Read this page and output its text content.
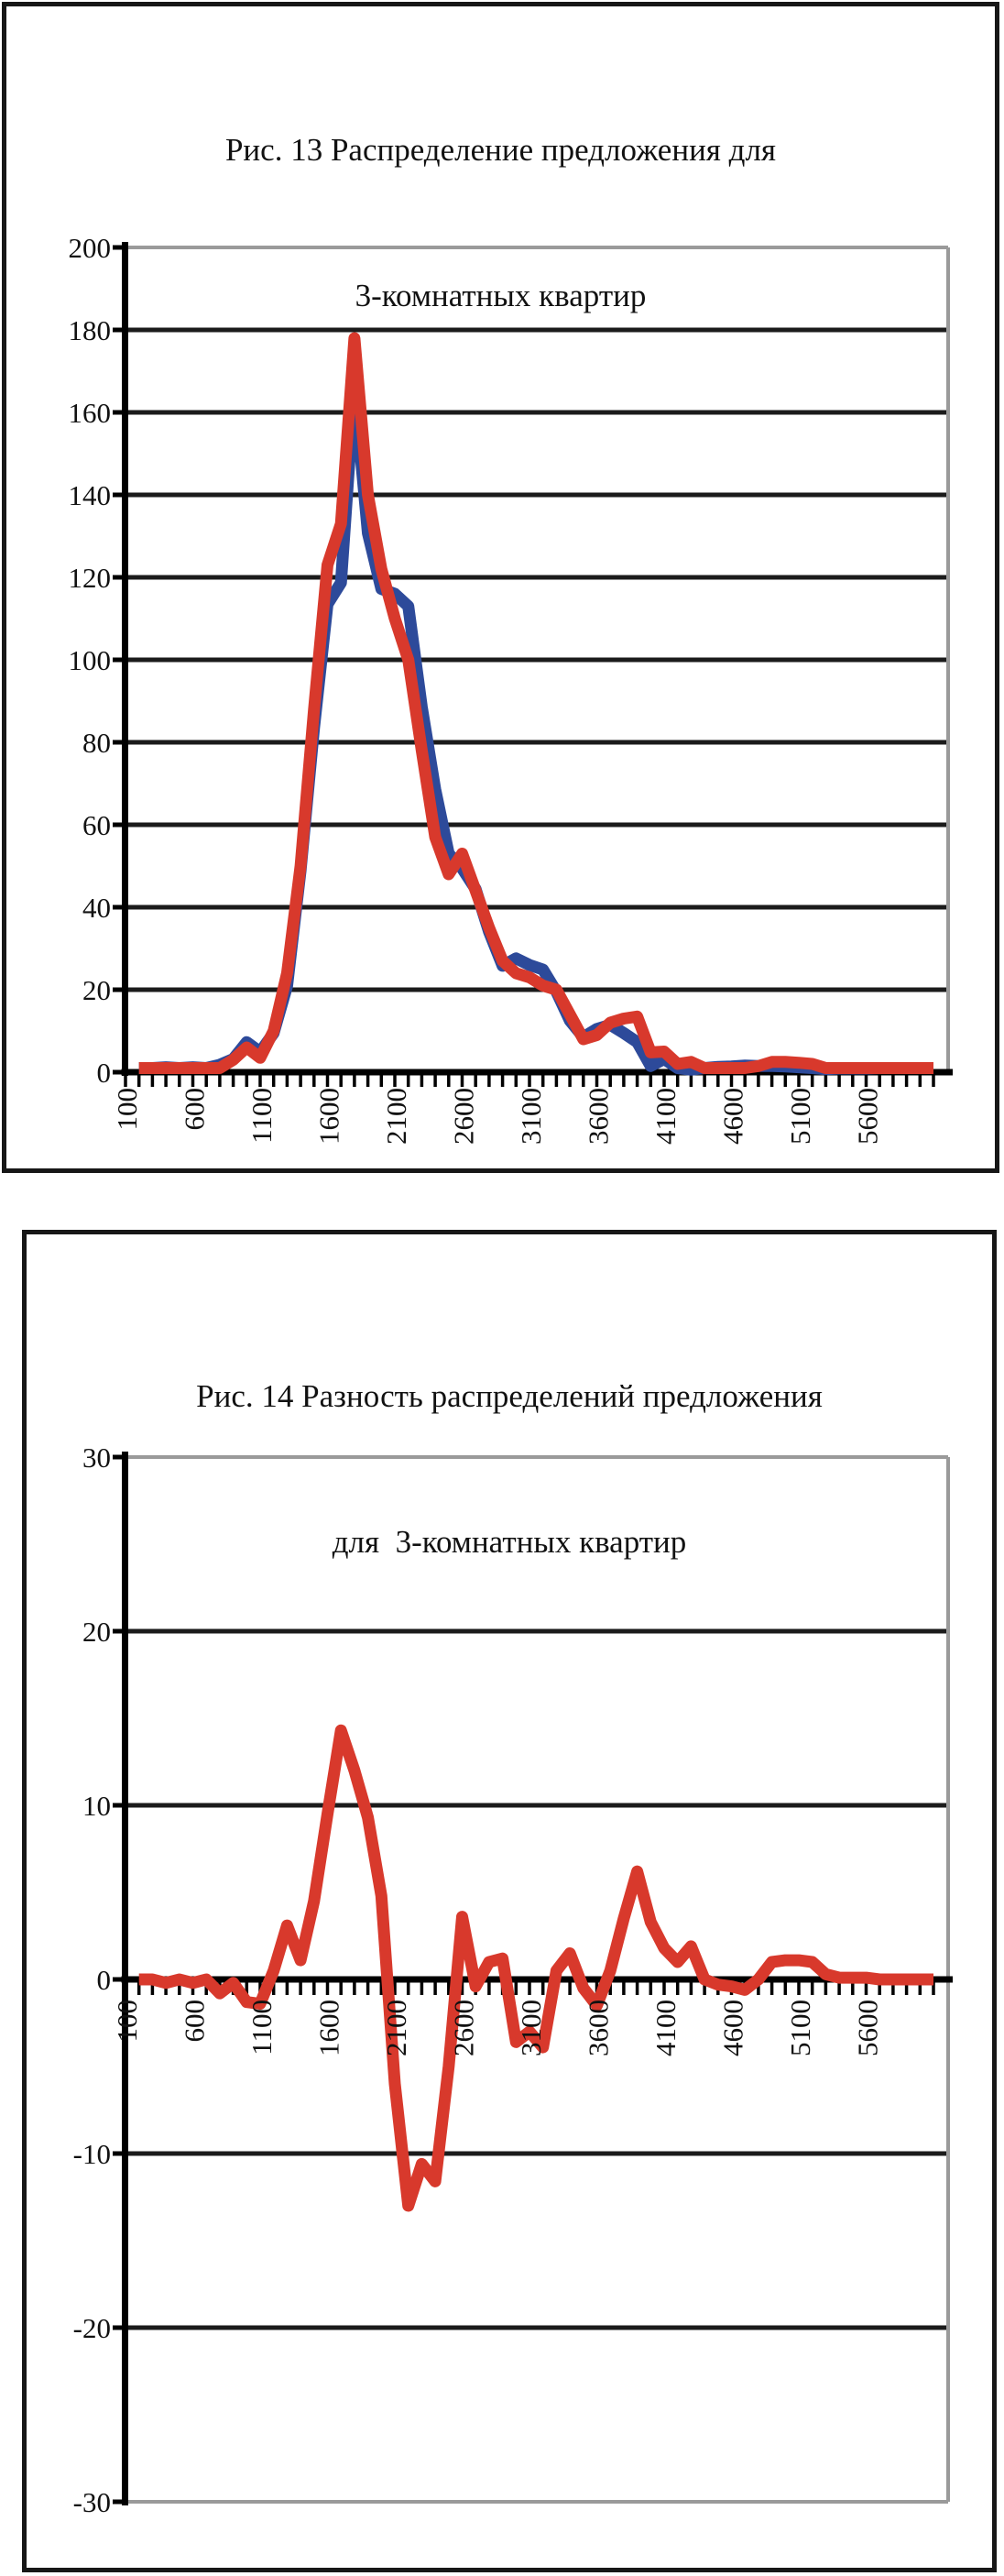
Рис. 13 Распределение предложения для

3-комнатных квартир

Рис. 14 Разность распределений предложения

для  3-комнатных квартир

0
20
40
60
80
100
120
140
160
180
200
100 600 1100 1600 2100 2600 3100 3600 4100 4600 5100 5600
30
20
10
0
-10
-20
-30
100 600 1100 1600 2100 2600 3100 3600 4100 4600 5100 5600
